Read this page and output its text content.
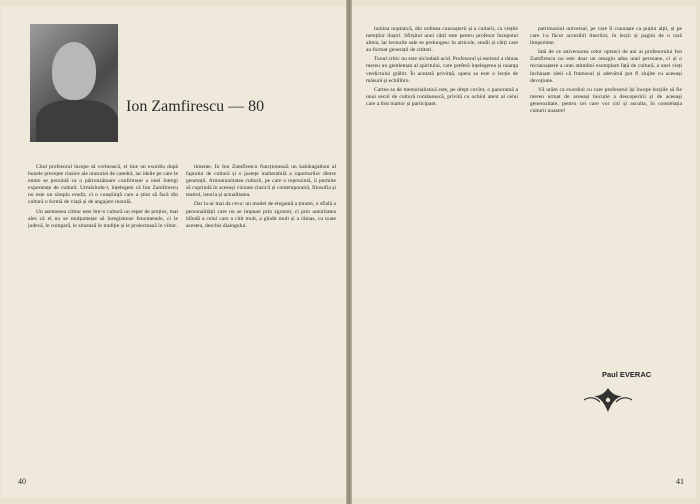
Ion Zamfirescu — 80

Cînd profesorul începe să vorbească, el tine un exordiu după bunele precepte clasice ale oratoriei de catedră, iar ideile pe care le emite se prezintă ca o pătrunzătoare confirmare a unei întregi experiențe de cultură. Urmărindu-l, înțelegem că Ion Zamfirescu nu este un simplu erudit, ci o conștiință care a știut să facă din cultură o formă de viață și de angajare morală.

Un asemenea cititor este într-o cultură un reper de prețios, mai ales că el nu se mulțumește să înregistreze fenomenele, ci le judecă, le compară, le situează în tradiție și le proiectează în viitor.

timente. În Ion Zamfirescu funcționează un kalokagathon al faptului de cultură și o justețe inalterabilă a raporturilor dintre generații. Armoniozitatea culturii, pe care o reprezintă, îi permite să cuprindă în aceeași viziune clasicii și contemporanii, filosofia și teatrul, istoria și actualitatea.

Dar la-ar mai da ceva: un model de elegantă a ținutei, o sfială a personalității care nu se impune prin zgomot, ci prin autoritatea blîndă a celui care a citit mult, a gîndit mult și a rămas, cu toate acestea, deschis dialogului.

40

lumina noptatică, din ordinea cunoașterii și a culturii, ca viețile nemților iluștri. Sfîrșitul unei cărți este pentru profesor începutul alteia, iar lecturile sale se prelungesc în articole, studii și cărți care au format generații de cititori.

Tonul critic nu este niciodată acid. Profesorul și eseistul a rămas mereu un gentleman al spiritului, care preferă înțelegerea și nuanța verdictului grăbit. În această privință, opera sa este o lecție de măsură și echilibru.

Cartea sa de memorialistică este, pe drept cuvînt, o panoramă a unui secol de cultură românească, privită cu ochiul atent al celui care a fost martor și participant.

patrimoniul universal, pe care îl cunoaște ca puțini alții, și pe care l-a făcut accesibil tinerilor, în lecții și pagini de o rară limpezime.

Iată de ce aniversarea celor optzeci de ani ai profesorului Ion Zamfirescu nu este doar un omagiu adus unei persoane, ci și o recunoaștere a unei atitudini exemplare față de cultură, a unei vieți închinate ideii că frumosul și adevărul pot fi slujite cu aceeași devoțiune.

Vă urăm ca exordiul cu care profesorul își începe lecțiile să fie mereu urmat de aceeași bucurie a descoperirii și de aceeași generozitate, pentru cei care vor citi și asculta, în constelația culturii noastre!

Paul EVERAC
41
